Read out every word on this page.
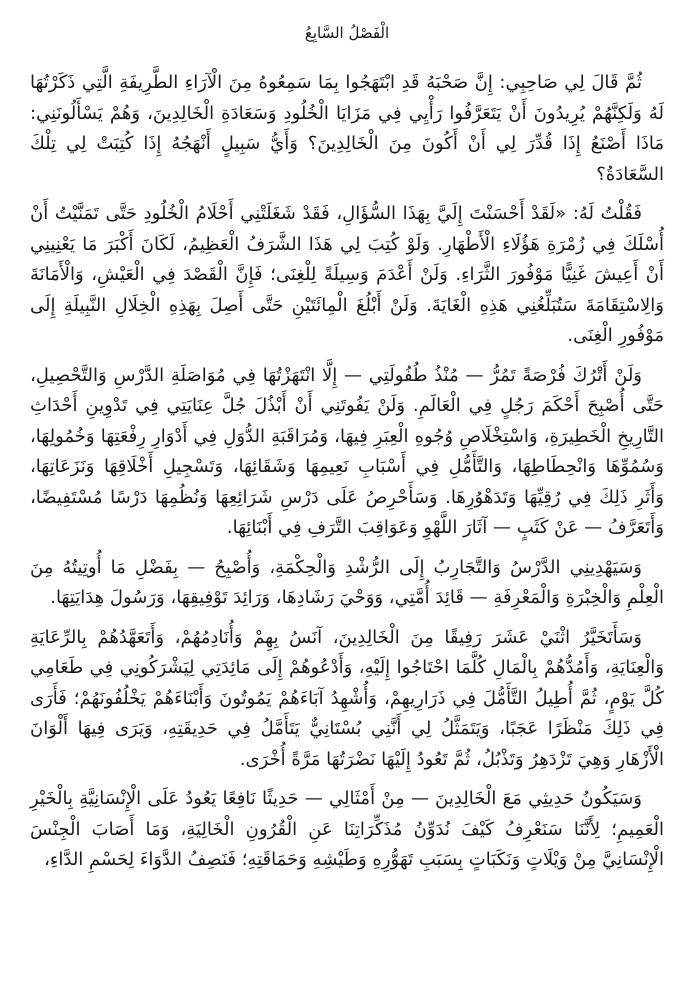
الْفَصْلُ السَّابِعُ

ثُمَّ قَالَ لِي صَاحِبِي: إِنَّ صَحْبَهُ قَدِ ابْتَهَجُوا بِمَا سَمِعُوهُ مِنَ الْآرَاءِ الطَّرِيفَةِ الَّتِي ذَكَرْتُهَا لَهُ وَلَكِنَّهُمْ يُرِيدُونَ أَنْ يَتَعَرَّفُوا رَأْيِي فِي مَزَايَا الْخُلُودِ وَسَعَادَةِ الْخَالِدِينَ، وَهُمْ يَسْأَلُونَنِي: مَاذَا أَصْنَعُ إِذَا قُدِّرَ لِي أَنْ أَكُونَ مِنَ الْخَالِدِينَ؟ وَأَيُّ سَبِيلٍ أَنْهَجُهُ إِذَا كُتِبَتْ لِي تِلْكَ السَّعَادَةُ؟

فَقُلْتُ لَهُ: «لَقَدْ أَحْسَنْتَ إِلَيَّ بِهَذَا السُّؤَالِ، فَقَدْ شَغَلَتْنِي أَحْلَامُ الْخُلُودِ حَتَّى تَمَنَّيْتُ أَنْ أُسْلَكَ فِي زُمْرَةِ هَؤُلَاءِ الْأَطْهَارِ. وَلَوْ كُتِبَ لِي هَذَا الشَّرَفُ الْعَظِيمُ، لَكَانَ أَكْبَرَ مَا يَعْنِينِي أَنْ أَعِيشَ غَنِيًّا مَوْفُورَ الثَّرَاءِ. وَلَنْ أَعْدَمَ وَسِيلَةً لِلْغِنَى؛ فَإِنَّ الْقَصْدَ فِي الْعَيْشِ، وَالْأَمَانَةَ وَالِاسْتِقَامَةَ سَتُبَلِّغُنِي هَذِهِ الْغَايَةَ. وَلَنْ أَبْلُغَ الْمِائَتَيْنِ حَتَّى أَصِلَ بِهَذِهِ الْخِلَالِ النَّبِيلَةِ إِلَى مَوْفُورِ الْغِنَى.

وَلَنْ أَتْرُكَ فُرْصَةً تَمُرُّ — مُنْذُ طُفُولَتِي — إِلَّا انْتَهَزْتُهَا فِي مُوَاصَلَةِ الدَّرْسِ وَالتَّحْصِيلِ، حَتَّى أُصْبِحَ أَحْكَمَ رَجُلٍ فِي الْعَالَمِ. وَلَنْ يَفُوتَنِي أَنْ أَبْذُلَ جُلَّ عِنَايَتِي فِي تَدْوِينِ أَحْدَاثِ التَّارِيخِ الْخَطِيرَةِ، وَاسْتِخْلَاصِ وُجُوهِ الْعِبَرِ فِيهَا، وَمُرَاقَبَةِ الدُّوَلِ فِي أَدْوَارِ رِفْعَتِهَا وَخُمُولِهَا، وَسُمُوِّهَا وَانْحِطَاطِهَا، وَالتَّأَمُّلِ فِي أَسْبَابِ نَعِيمِهَا وَشَقَائِهَا، وَتَسْجِيلِ أَخْلَاقِهَا وَنَزَعَاتِهَا، وَأَثَرِ ذَلِكَ فِي رُقِيِّهَا وَتَدَهْوُرِهَا. وَسَأَحْرِصُ عَلَى دَرْسِ شَرَائِعِهَا وَنُظُمِهَا دَرْسًا مُسْتَفِيضًا، وَأَتَعَرَّفُ — عَنْ كَثَبٍ — آثَارَ اللَّهْوِ وَعَوَاقِبَ التَّرَفِ فِي أَبْنَائِهَا.

وَسَيَهْدِينِي الدَّرْسُ وَالتَّجَارِبُ إِلَى الرُّشْدِ وَالْحِكْمَةِ، وَأُصْبِحُ — بِفَضْلِ مَا أُوتِيتُهُ مِنَ الْعِلْمِ وَالْخِبْرَةِ وَالْمَعْرِفَةِ — قَائِدَ أُمَّتِي، وَوَحْيَ رَشَادِهَا، وَرَائِدَ تَوْفِيقِهَا، وَرَسُولَ هِدَايَتِهَا.

وَسَأَتَخَيَّرُ اثْنَيْ عَشَرَ رَفِيقًا مِنَ الْخَالِدِينَ، آنَسُ بِهِمْ وَأُنَادِمُهُمْ، وَأَتَعَهَّدُهُمْ بِالرِّعَايَةِ وَالْعِنَايَةِ، وَأَمُدُّهُمْ بِالْمَالِ كُلَّمَا احْتَاجُوا إِلَيْهِ، وَأَدْعُوهُمْ إِلَى مَائِدَتِي لِيَشْرَكُونِي فِي طَعَامِي كُلَّ يَوْمٍ، ثُمَّ أُطِيلُ التَّأَمُّلَ فِي ذَرَارِيهِمْ، وَأُشْهِدُ آبَاءَهُمْ يَمُوتُونَ وَأَبْنَاءَهُمْ يَخْلُفُونَهُمْ؛ فَأَرَى فِي ذَلِكَ مَنْظَرًا عَجَبًا، وَيَتَمَثَّلُ لِي أَنَّنِي بُسْتَانِيٌّ يَتَأَمَّلُ فِي حَدِيقَتِهِ، وَيَرَى فِيهَا أَلْوَانَ الْأَزْهَارِ وَهِيَ تَزْدَهِرُ وَتَذْبُلُ، ثُمَّ تَعُودُ إِلَيْهَا نَضْرَتُهَا مَرَّةً أُخْرَى.

وَسَيَكُونُ حَدِيثِي مَعَ الْخَالِدِينَ — مِنْ أَمْثَالِي — حَدِيثًا نَافِعًا يَعُودُ عَلَى الْإِنْسَانِيَّةِ بِالْخَيْرِ الْعَمِيمِ؛ لِأَنَّنَا سَنَعْرِفُ كَيْفَ نُدَوِّنُ مُذَكِّرَاتِنَا عَنِ الْقُرُونِ الْخَالِيَةِ، وَمَا أَصَابَ الْجِنْسَ الْإِنْسَانِيَّ مِنْ وَيْلَاتٍ وَنَكَبَاتٍ بِسَبَبِ تَهَوُّرِهِ وَطَيْشِهِ وَحَمَاقَتِهِ؛ فَنَصِفُ الدَّوَاءَ لِحَسْمِ الدَّاءِ،
